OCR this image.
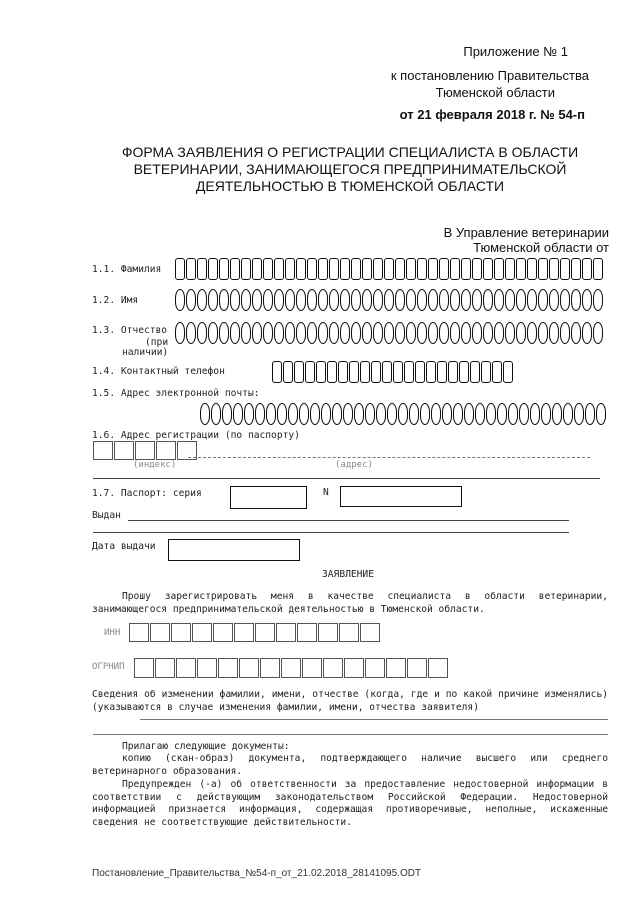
Приложение № 1
к постановлению Правительства
Тюменской области
от 21 февраля 2018 г. № 54-п
ФОРМА ЗАЯВЛЕНИЯ О РЕГИСТРАЦИИ СПЕЦИАЛИСТА В ОБЛАСТИ
ВЕТЕРИНАРИИ, ЗАНИМАЮЩЕГОСЯ ПРЕДПРИНИМАТЕЛЬСКОЙ
ДЕЯТЕЛЬНОСТЬЮ В ТЮМЕНСКОЙ ОБЛАСТИ
В Управление ветеринарии
Тюменской области от
1.1. Фамилия
1.2. Имя
1.3. Отчество
(при
наличии)
1.4. Контактный телефон
1.5. Адрес электронной почты:
1.6. Адрес регистрации (по паспорту)
(индекс)	(адрес)
1.7. Паспорт: серия	N
Выдан
Дата выдачи
ЗАЯВЛЕНИЕ
Прошу зарегистрировать меня в качестве специалиста в области ветеринарии, занимающегося предпринимательской деятельностью в Тюменской области.
ИНН
ОГРНИП
Сведения об изменении фамилии, имени, отчестве (когда, где и по какой причине изменялись)(указываются в случае изменения фамилии, имени, отчества заявителя)
Прилагаю следующие документы:
копию (скан-образ) документа, подтверждающего наличие высшего или среднего ветеринарного образования.
Предупрежден (-а) об ответственности за предоставление недостоверной информации в соответствии с действующим законодательством Российской Федерации. Недостоверной информацией признается информация, содержащая противоречивые, неполные, искаженные сведения не соответствующие действительности.
Постановление_Правительства_№54-п_от_21.02.2018_28141095.ODT
